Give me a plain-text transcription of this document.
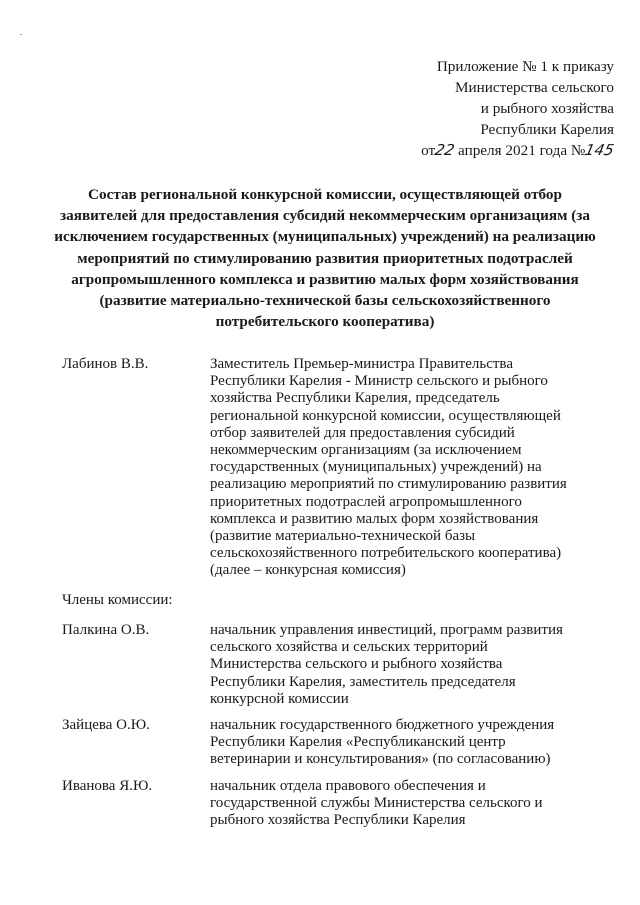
Приложение № 1 к приказу
Министерства сельского
и рыбного хозяйства
Республики Карелия
от22 апреля 2021 года №145
Состав региональной конкурсной комиссии, осуществляющей отбор
заявителей для предоставления субсидий некоммерческим организациям (за
исключением государственных (муниципальных) учреждений) на реализацию
мероприятий по стимулированию развития приоритетных подотраслей
агропромышленного комплекса и развитию малых форм хозяйствования
(развитие материально-технической базы сельскохозяйственного
потребительского кооператива)
Лабинов В.В.	Заместитель Премьер-министра Правительства
Республики Карелия - Министр сельского и рыбного
хозяйства Республики Карелия, председатель
региональной конкурсной комиссии, осуществляющей
отбор заявителей для предоставления субсидий
некоммерческим организациям (за исключением
государственных (муниципальных) учреждений) на
реализацию мероприятий по стимулированию развития
приоритетных подотраслей агропромышленного
комплекса и развитию малых форм хозяйствования
(развитие материально-технической базы
сельскохозяйственного потребительского кооператива)
(далее – конкурсная комиссия)
Члены комиссии:
Палкина О.В.	начальник управления инвестиций, программ развития
сельского хозяйства и сельских территорий
Министерства сельского и рыбного хозяйства
Республики Карелия, заместитель председателя
конкурсной комиссии
Зайцева О.Ю.	начальник государственного бюджетного учреждения
Республики Карелия «Республиканский центр
ветеринарии и консультирования» (по согласованию)
Иванова Я.Ю.	начальник отдела правового обеспечения и
государственной службы Министерства сельского и
рыбного хозяйства Республики Карелия
